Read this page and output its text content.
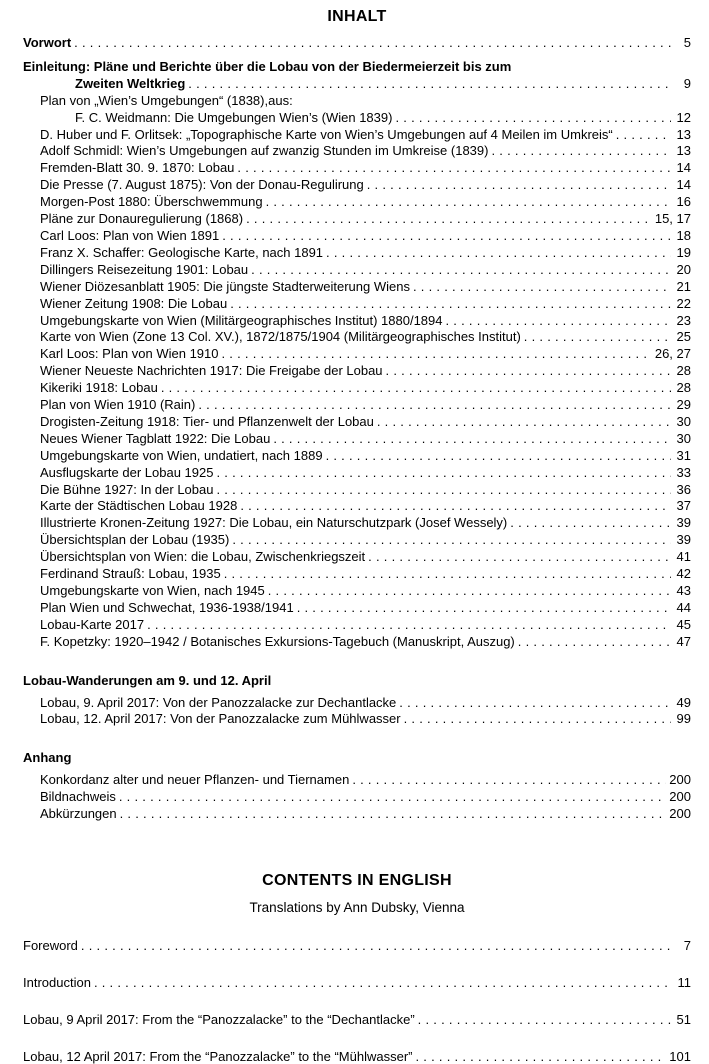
INHALT
Vorwort .....	5
Einleitung: Pläne und Berichte über die Lobau von der Biedermeierzeit bis zum
Zweiten Weltkrieg .....	9
Plan von „Wien’s Umgebungen“ (1838),aus:
F. C. Weidmann: Die Umgebungen Wien’s (Wien 1839) .....	12
D. Huber und F. Orlitsek: „Topographische Karte von Wien’s Umgebungen auf 4 Meilen im Umkreis“ .....	13
Adolf Schmidl: Wien’s Umgebungen auf zwanzig Stunden im Umkreise (1839) .....	13
Fremden-Blatt 30. 9. 1870: Lobau .....	14
Die Presse (7. August 1875): Von der Donau-Regulirung .....	14
Morgen-Post 1880: Überschwemmung .....	16
Pläne zur Donauregulierung (1868) .....	15, 17
Carl Loos: Plan von Wien 1891 .....	18
Franz X. Schaffer: Geologische Karte, nach 1891 .....	19
Dillingers Reisezeitung 1901: Lobau .....	20
Wiener Diözesanblatt 1905: Die jüngste Stadterweiterung Wiens .....	21
Wiener Zeitung 1908: Die Lobau .....	22
Umgebungskarte von Wien (Militärgeographisches Institut) 1880/1894 .....	23
Karte von Wien (Zone 13 Col. XV.), 1872/1875/1904 (Militärgeographisches Institut) .....	25
Karl Loos: Plan von Wien 1910 .....	26, 27
Wiener Neueste Nachrichten 1917: Die Freigabe der Lobau .....	28
Kikeriki 1918: Lobau .....	28
Plan von Wien 1910 (Rain) .....	29
Drogisten-Zeitung 1918: Tier- und Pflanzenwelt der Lobau .....	30
Neues Wiener Tagblatt 1922: Die Lobau .....	30
Umgebungskarte von Wien, undatiert, nach 1889 .....	31
Ausflugskarte der Lobau 1925 .....	33
Die Bühne 1927: In der Lobau .....	36
Karte der Städtischen Lobau 1928 .....	37
Illustrierte Kronen-Zeitung 1927: Die Lobau, ein Naturschutzpark (Josef Wessely) .....	39
Übersichtsplan der Lobau (1935) .....	39
Übersichtsplan von Wien: die Lobau, Zwischenkriegszeit .....	41
Ferdinand Strauß: Lobau, 1935 .....	42
Umgebungskarte von Wien, nach 1945 .....	43
Plan Wien und Schwechat, 1936-1938/1941 .....	44
Lobau-Karte 2017 .....	45
F. Kopetzky: 1920–1942 / Botanisches Exkursions-Tagebuch (Manuskript, Auszug) .....	47
Lobau-Wanderungen am 9. und 12. April
Lobau, 9. April 2017: Von der Panozzalacke zur Dechantlacke .....	49
Lobau, 12. April 2017: Von der Panozzalacke zum Mühlwasser .....	99
Anhang
Konkordanz alter und neuer Pflanzen- und Tiernamen .....	200
Bildnachweis .....	200
Abkürzungen .....	200
CONTENTS IN ENGLISH
Translations by Ann Dubsky, Vienna
Foreword .....	7
Introduction .....	11
Lobau, 9 April 2017: From the “Panozzalacke” to the “Dechantlacke” .....	51
Lobau, 12 April 2017: From the “Panozzalacke” to the “Mühlwasser” .....	101
